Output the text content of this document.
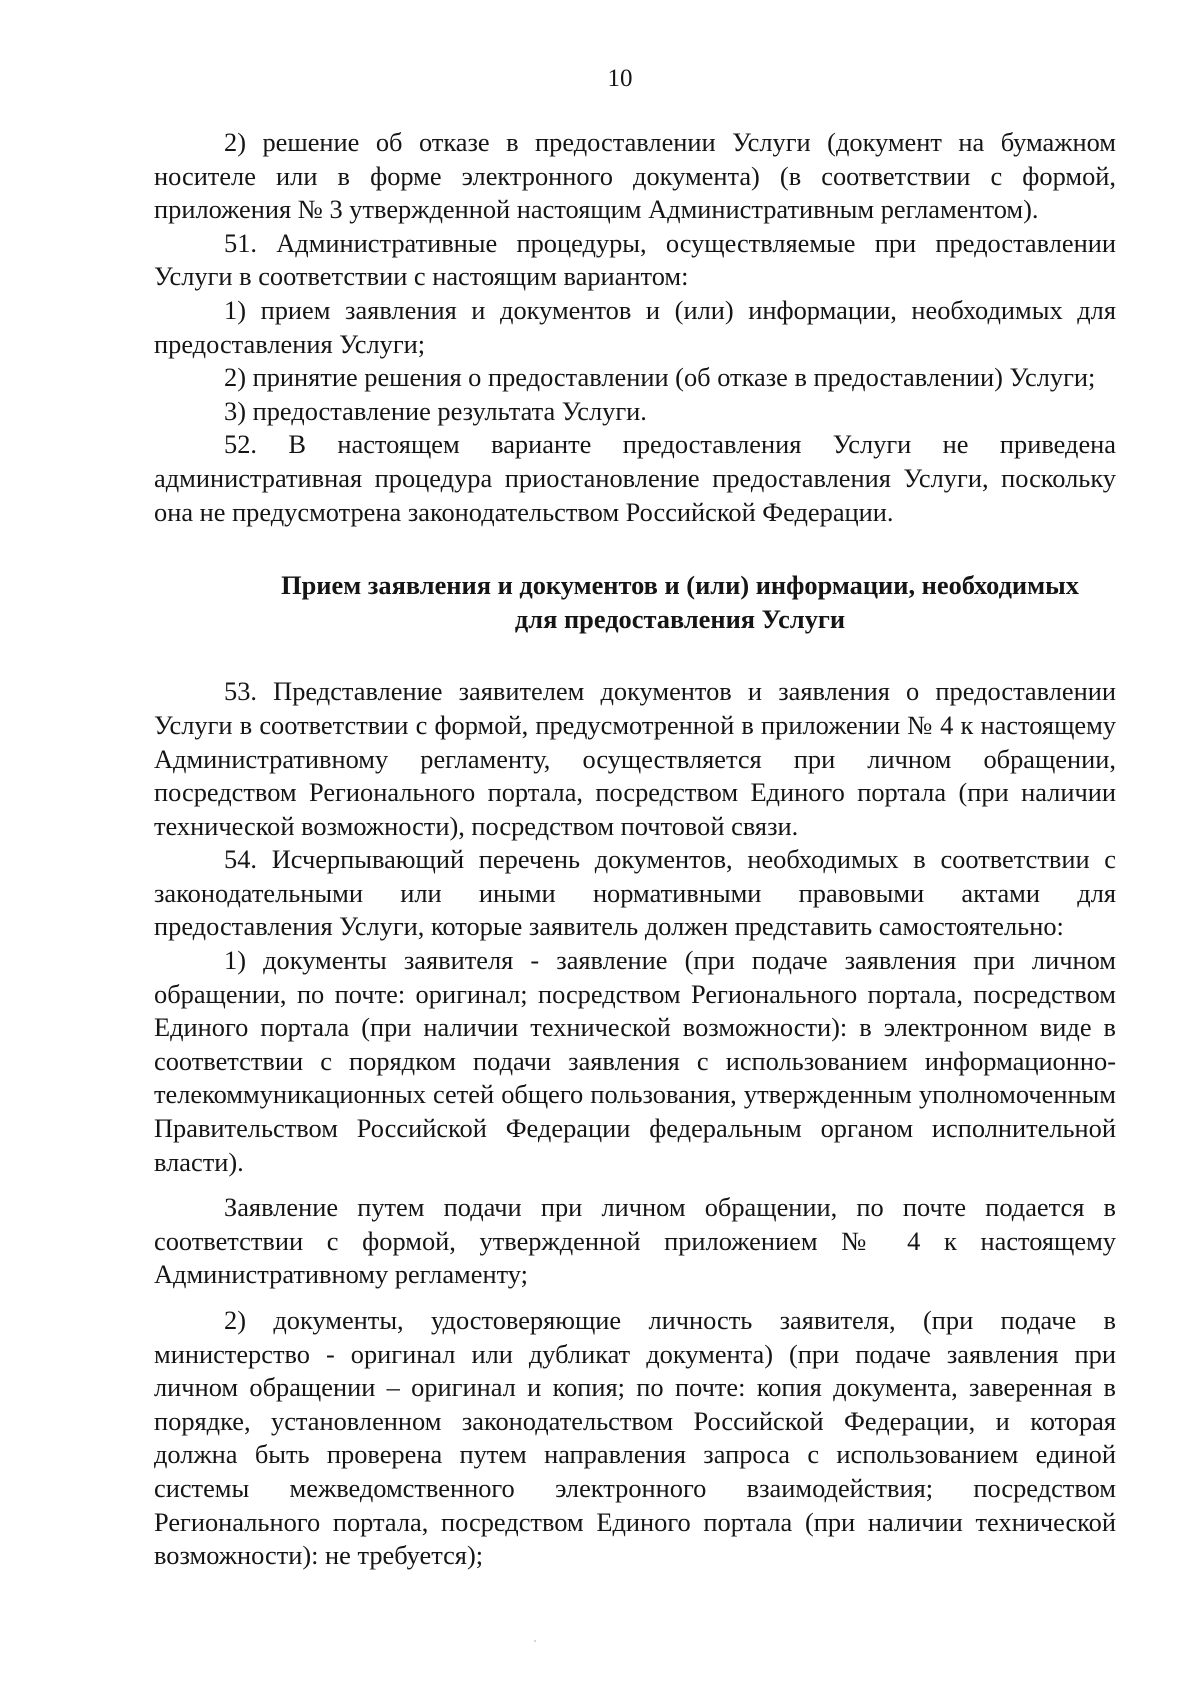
10

2) решение об отказе в предоставлении Услуги (документ на бумажном носителе или в форме электронного документа) (в соответствии с формой, приложения № 3 утвержденной настоящим Административным регламентом).

51. Административные процедуры, осуществляемые при предоставлении Услуги в соответствии с настоящим вариантом:

1) прием заявления и документов и (или) информации, необходимых для предоставления Услуги;

2) принятие решения о предоставлении (об отказе в предоставлении) Услуги;

3) предоставление результата Услуги.

52. В настоящем варианте предоставления Услуги не приведена административная процедура приостановление предоставления Услуги, поскольку она не предусмотрена законодательством Российской Федерации.

Прием заявления и документов и (или) информации, необходимых
для предоставления Услуги

53. Представление заявителем документов и заявления о предоставлении Услуги в соответствии с формой, предусмотренной в приложении № 4 к настоящему Административному регламенту, осуществляется при личном обращении, посредством Регионального портала, посредством Единого портала (при наличии технической возможности), посредством почтовой связи.

54. Исчерпывающий перечень документов, необходимых в соответствии с законодательными или иными нормативными правовыми актами для предоставления Услуги, которые заявитель должен представить самостоятельно:

1) документы заявителя - заявление (при подаче заявления при личном обращении, по почте: оригинал; посредством Регионального портала, посредством Единого портала (при наличии технической возможности): в электронном виде в соответствии с порядком подачи заявления с использованием информационно-телекоммуникационных сетей общего пользования, утвержденным уполномоченным Правительством Российской Федерации федеральным органом исполнительной власти).

Заявление путем подачи при личном обращении, по почте подается в соответствии с формой, утвержденной приложением № 4 к настоящему Административному регламенту;

2) документы, удостоверяющие личность заявителя, (при подаче в министерство - оригинал или дубликат документа) (при подаче заявления при личном обращении – оригинал и копия; по почте: копия документа, заверенная в порядке, установленном законодательством Российской Федерации, и которая должна быть проверена путем направления запроса с использованием единой системы межведомственного электронного взаимодействия; посредством Регионального портала, посредством Единого портала (при наличии технической возможности): не требуется);
